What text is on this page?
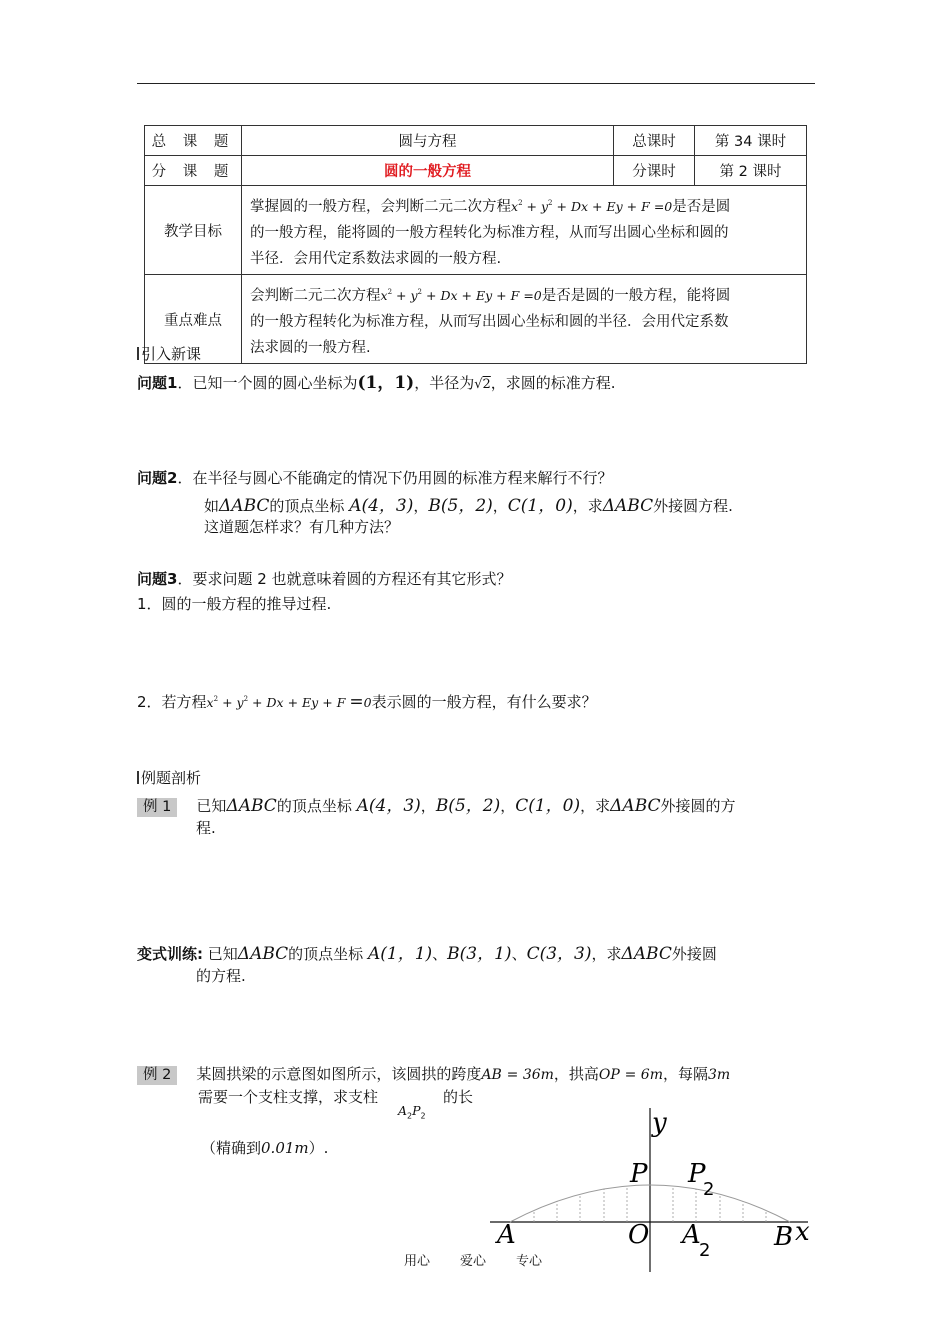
总 课 题	圆与方程	总课时	第 34 课时
分 课 题	圆的一般方程	分课时	第 2 课时
教学目标	掌握圆的一般方程，会判断二元二次方程$x^2 + y^2 + Dx + Ey + F =0$是否是圆
的一般方程，能将圆的一般方程转化为标准方程，从而写出圆心坐标和圆的
半径．会用代定系数法求圆的一般方程.		
重点难点	会判断二元二次方程$x^2 + y^2 + Dx + Ey + F =0$是否是圆的一般方程，能将圆
的一般方程转化为标准方程，从而写出圆心坐标和圆的半径．会用代定系数
法求圆的一般方程.		
引入新课
问题1．已知一个圆的圆心坐标为(1，1)，半径为√2，求圆的标准方程.
问题2．在半径与圆心不能确定的情况下仍用圆的标准方程来解行不行？
如ΔABC的顶点坐标 A(4，3)，B(5，2)，C(1，0)，求ΔABC外接圆方程.
这道题怎样求？有几种方法？
问题3．要求问题 2 也就意味着圆的方程还有其它形式？
1．圆的一般方程的推导过程.
2．若方程$x^2 + y^2 + Dx + Ey + F =0$表示圆的一般方程，有什么要求？
例题剖析
例 1 已知ΔABC的顶点坐标 A(4，3)，B(5，2)，C(1，0)，求ΔABC外接圆的方
程.
变式训练: 已知ΔABC的顶点坐标 A(1，1)、B(3，1)、C(3，3)，求ΔABC外接圆
的方程.
例 2 某圆拱梁的示意图如图所示，该圆拱的跨度AB = 36m，拱高OP = 6m，每隔3m
需要一个支柱支撑，求支柱
$A_2P_2$
的长
（精确到0.01m）.
y
x
P P
2
A	O A
2 B
用心 爱心 专心
